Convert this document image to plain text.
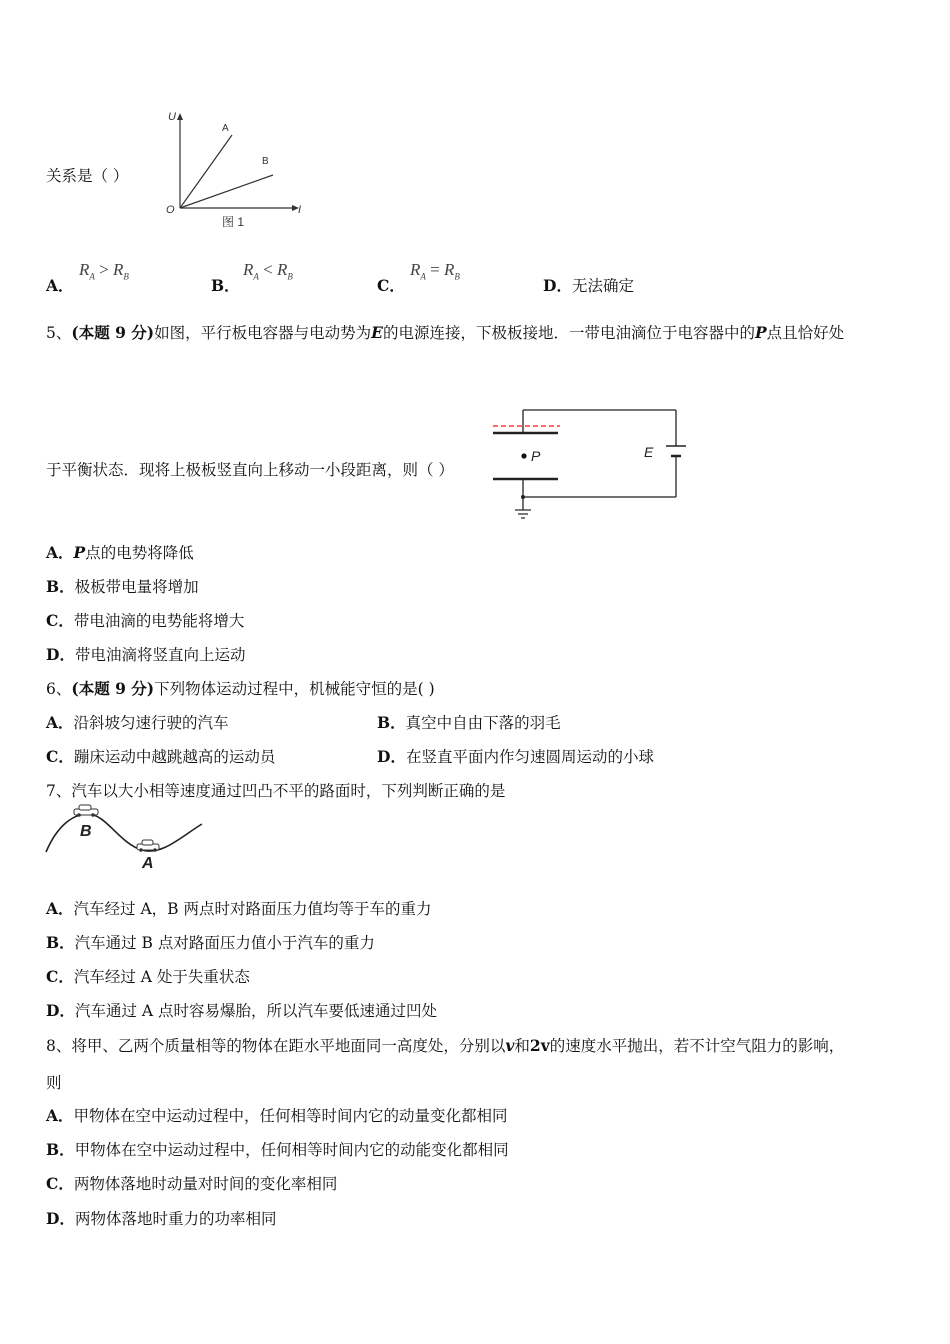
关系是（ ）
U
I
O
A
B
图 1
A．
$R_A > R_B$	B．
$R_A < R_B$	C．
$R_A = R_B$	D．无法确定
5、(本题 9 分)如图，平行板电容器与电动势为E的电源连接，下极板接地．一带电油滴位于电容器中的P点且恰好处
于平衡状态．现将上极板竖直向上移动一小段距离，则（ ）
P	E
A．P点的电势将降低
B．极板带电量将增加
C．带电油滴的电势能将增大
D．带电油滴将竖直向上运动
6、(本题 9 分)下列物体运动过程中，机械能守恒的是( )
A．沿斜坡匀速行驶的汽车	B．真空中自由下落的羽毛
C．蹦床运动中越跳越高的运动员	D．在竖直平面内作匀速圆周运动的小球
7、汽车以大小相等速度通过凹凸不平的路面时，下列判断正确的是
B
A
A．汽车经过 A，B 两点时对路面压力值均等于车的重力
B．汽车通过 B 点对路面压力值小于汽车的重力
C．汽车经过 A 处于失重状态
D．汽车通过 A 点时容易爆胎，所以汽车要低速通过凹处
8、将甲、乙两个质量相等的物体在距水平地面同一高度处，分别以v和2v的速度水平抛出，若不计空气阻力的影响，
则
A．甲物体在空中运动过程中，任何相等时间内它的动量变化都相同
B．甲物体在空中运动过程中，任何相等时间内它的动能变化都相同
C．两物体落地时动量对时间的变化率相同
D．两物体落地时重力的功率相同
